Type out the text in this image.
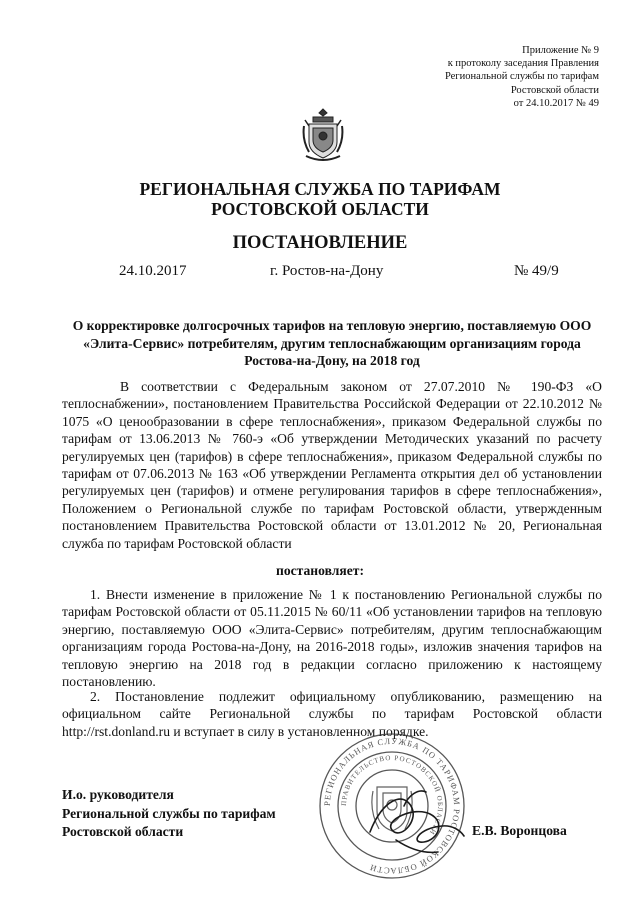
Приложение № 9
к протоколу заседания Правления
Региональной службы по тарифам
Ростовской области
от 24.10.2017 № 49
РЕГИОНАЛЬНАЯ СЛУЖБА ПО ТАРИФАМ
РОСТОВСКОЙ ОБЛАСТИ
ПОСТАНОВЛЕНИЕ
24.10.2017	г. Ростов-на-Дону	№ 49/9
О корректировке долгосрочных тарифов на тепловую энергию, поставляемую ООО «Элита-Сервис» потребителям, другим теплоснабжающим организациям города Ростова-на-Дону, на 2018 год
В соответствии с Федеральным законом от 27.07.2010 № 190-ФЗ «О теплоснабжении», постановлением Правительства Российской Федерации от 22.10.2012 № 1075 «О ценообразовании в сфере теплоснабжения», приказом Федеральной службы по тарифам от 13.06.2013 № 760-э «Об утверждении Методических указаний по расчету регулируемых цен (тарифов) в сфере теплоснабжения», приказом Федеральной службы по тарифам от 07.06.2013 № 163 «Об утверждении Регламента открытия дел об установлении регулируемых цен (тарифов) и отмене регулирования тарифов в сфере теплоснабжения», Положением о Региональной службе по тарифам Ростовской области, утвержденным постановлением Правительства Ростовской области от 13.01.2012 № 20, Региональная служба по тарифам Ростовской области
постановляет:
1. Внести изменение в приложение № 1 к постановлению Региональной службы по тарифам Ростовской области от 05.11.2015 № 60/11 «Об установлении тарифов на тепловую энергию, поставляемую ООО «Элита-Сервис» потребителям, другим теплоснабжающим организациям города Ростова-на-Дону, на 2016-2018 годы», изложив значения тарифов на тепловую энергию на 2018 год в редакции согласно приложению к настоящему постановлению.
2. Постановление подлежит официальному опубликованию, размещению на официальном сайте Региональной службы по тарифам Ростовской области http://rst.donland.ru и вступает в силу в установленном порядке.
РЕГИОНАЛЬНАЯ СЛУЖБА ПО ТАРИФАМ РОСТОВСКОЙ ОБЛАСТИ
ПРАВИТЕЛЬСТВО РОСТОВСКОЙ ОБЛАСТИ
И.о. руководителя
Региональной службы по тарифам
Ростовской области	Е.В. Воронцова
